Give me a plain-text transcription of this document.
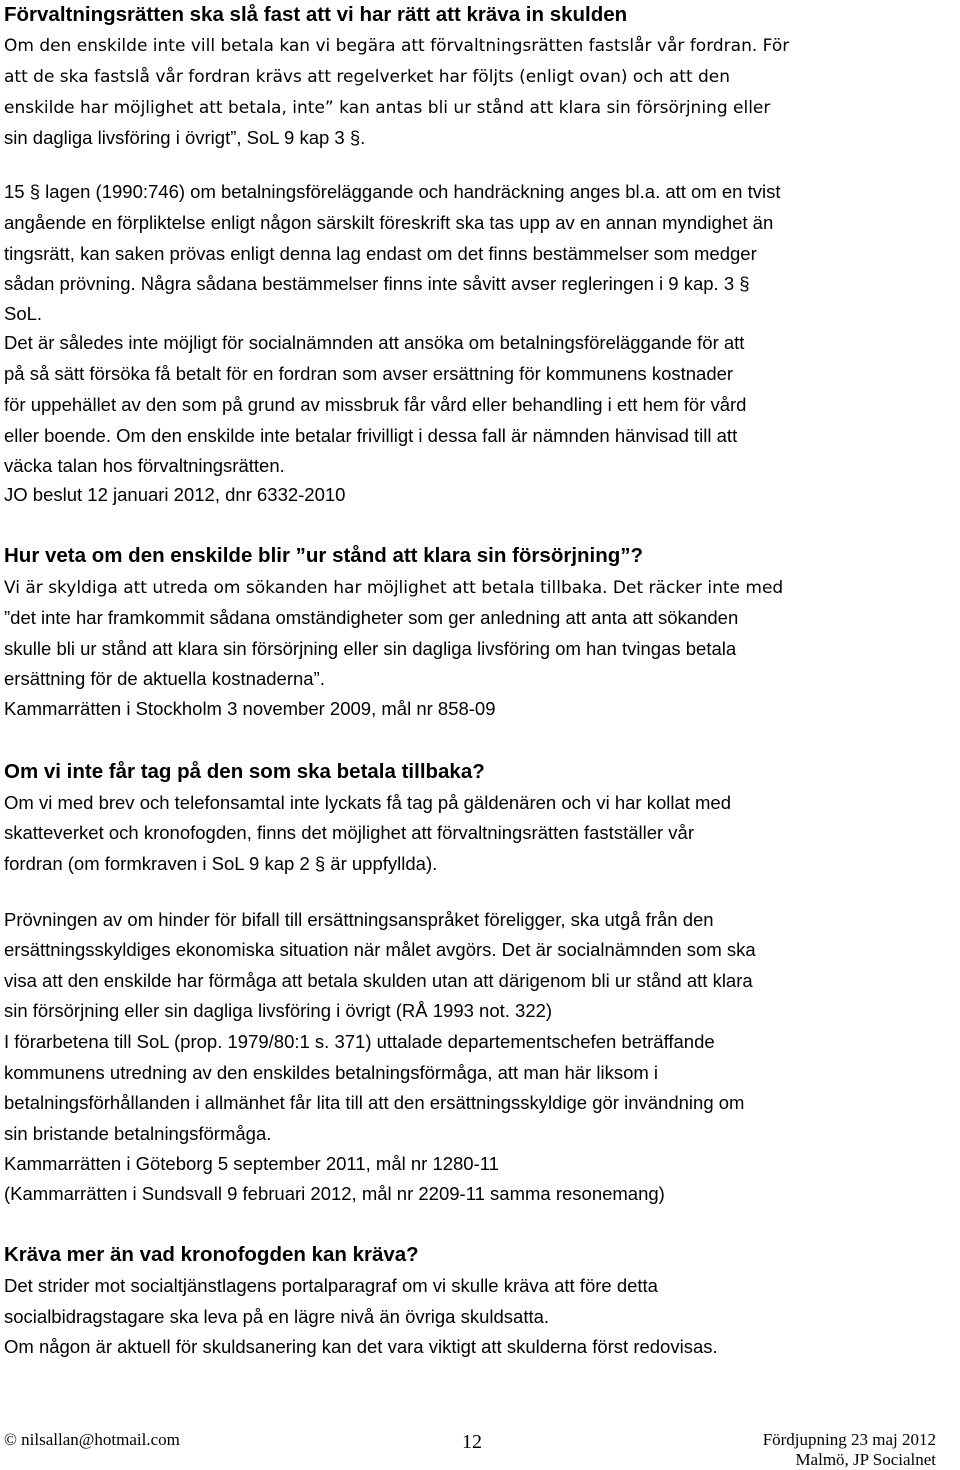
Förvaltningsrätten ska slå fast att vi har rätt att kräva in skulden

Om den enskilde inte vill betala kan vi begära att förvaltningsrätten fastslår vår fordran. För

att de ska fastslå vår fordran krävs att regelverket har följts (enligt ovan) och att den

enskilde har möjlighet att betala, inte” kan antas bli ur stånd att klara sin försörjning eller

sin dagliga livsföring i övrigt”, SoL 9 kap 3 §.

15 § lagen (1990:746) om betalningsföreläggande och handräckning anges bl.a. att om en tvist

angående en förpliktelse enligt någon särskilt föreskrift ska tas upp av en annan myndighet än

tingsrätt, kan saken prövas enligt denna lag endast om det finns bestämmelser som medger

sådan prövning. Några sådana bestämmelser finns inte såvitt avser regleringen i 9 kap. 3 §

SoL.

Det är således inte möjligt för socialnämnden att ansöka om betalningsföreläggande för att

på så sätt försöka få betalt för en fordran som avser ersättning för kommunens kostnader

för uppehället av den som på grund av missbruk får vård eller behandling i ett hem för vård

eller boende. Om den enskilde inte betalar frivilligt i dessa fall är nämnden hänvisad till att

väcka talan hos förvaltningsrätten.

JO beslut 12 januari 2012, dnr 6332-2010

Hur veta om den enskilde blir ”ur stånd att klara sin försörjning”?

Vi är skyldiga att utreda om sökanden har möjlighet att betala tillbaka. Det räcker inte med

”det inte har framkommit sådana omständigheter som ger anledning att anta att sökanden

skulle bli ur stånd att klara sin försörjning eller sin dagliga livsföring om han tvingas betala

ersättning för de aktuella kostnaderna”.

Kammarrätten i Stockholm 3 november 2009, mål nr 858-09

Om vi inte får tag på den som ska betala tillbaka?

Om vi med brev och telefonsamtal inte lyckats få tag på gäldenären och vi har kollat med

skatteverket och kronofogden, finns det möjlighet att förvaltningsrätten fastställer vår

fordran (om formkraven i SoL 9 kap 2 § är uppfyllda).

Prövningen av om hinder för bifall till ersättningsanspråket föreligger, ska utgå från den

ersättningsskyldiges ekonomiska situation när målet avgörs. Det är socialnämnden som ska

visa att den enskilde har förmåga att betala skulden utan att därigenom bli ur stånd att klara

sin försörjning eller sin dagliga livsföring i övrigt (RÅ 1993 not. 322)

I förarbetena till SoL (prop. 1979/80:1 s. 371) uttalade departementschefen beträffande

kommunens utredning av den enskildes betalningsförmåga, att man här liksom i

betalningsförhållanden i allmänhet får lita till att den ersättningsskyldige gör invändning om

sin bristande betalningsförmåga.

Kammarrätten i Göteborg 5 september 2011, mål nr 1280-11

(Kammarrätten i Sundsvall 9 februari 2012, mål nr 2209-11 samma resonemang)

Kräva mer än vad kronofogden kan kräva?

Det strider mot socialtjänstlagens portalparagraf om vi skulle kräva att före detta

socialbidragstagare ska leva på en lägre nivå än övriga skuldsatta.

Om någon är aktuell för skuldsanering kan det vara viktigt att skulderna först redovisas.

© nilsallan@hotmail.com	12	Fördjupning 23 maj 2012
Malmö, JP Socialnet
